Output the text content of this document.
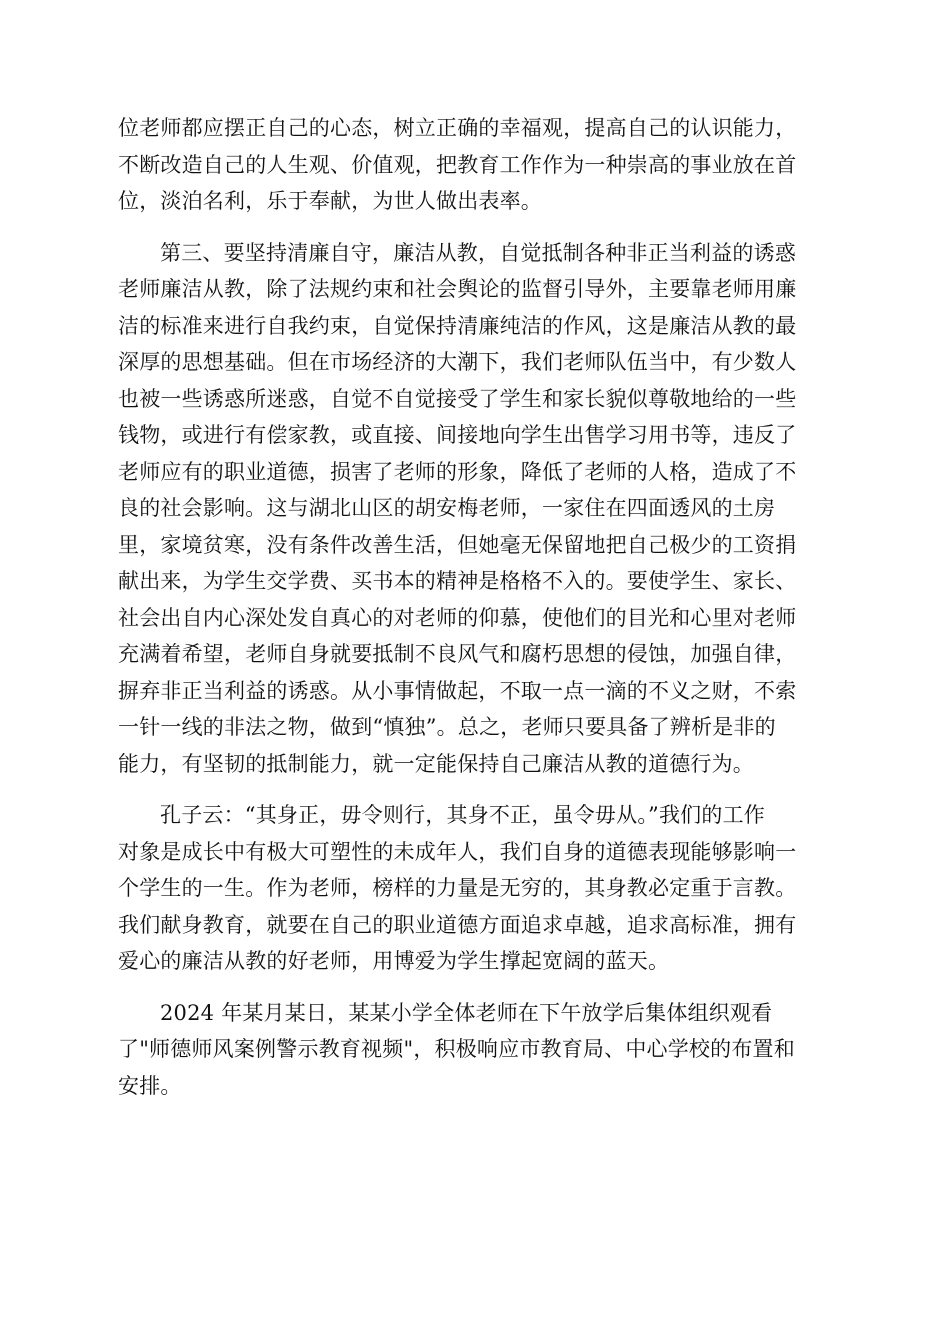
位老师都应摆正自己的心态，树立正确的幸福观，提高自己的认识能力，
不断改造自己的人生观、价值观，把教育工作作为一种崇高的事业放在首
位，淡泊名利，乐于奉献，为世人做出表率。
第三、要坚持清廉自守，廉洁从教，自觉抵制各种非正当利益的诱惑
老师廉洁从教，除了法规约束和社会舆论的监督引导外，主要靠老师用廉
洁的标准来进行自我约束，自觉保持清廉纯洁的作风，这是廉洁从教的最
深厚的思想基础。但在市场经济的大潮下，我们老师队伍当中，有少数人
也被一些诱惑所迷惑，自觉不自觉接受了学生和家长貌似尊敬地给的一些
钱物，或进行有偿家教，或直接、间接地向学生出售学习用书等，违反了
老师应有的职业道德，损害了老师的形象，降低了老师的人格，造成了不
良的社会影响。这与湖北山区的胡安梅老师，一家住在四面透风的土房
里，家境贫寒，没有条件改善生活，但她毫无保留地把自己极少的工资捐
献出来，为学生交学费、买书本的精神是格格不入的。要使学生、家长、
社会出自内心深处发自真心的对老师的仰慕，使他们的目光和心里对老师
充满着希望，老师自身就要抵制不良风气和腐朽思想的侵蚀，加强自律，
摒弃非正当利益的诱惑。从小事情做起，不取一点一滴的不义之财，不索
一针一线的非法之物，做到“慎独”。总之，老师只要具备了辨析是非的
能力，有坚韧的抵制能力，就一定能保持自己廉洁从教的道德行为。
孔子云：“其身正，毋令则行，其身不正，虽令毋从。”我们的工作
对象是成长中有极大可塑性的未成年人，我们自身的道德表现能够影响一
个学生的一生。作为老师，榜样的力量是无穷的，其身教必定重于言教。
我们献身教育，就要在自己的职业道德方面追求卓越，追求高标准，拥有
爱心的廉洁从教的好老师，用博爱为学生撑起宽阔的蓝天。
2024 年某月某日，某某小学全体老师在下午放学后集体组织观看
了"师德师风案例警示教育视频"，积极响应市教育局、中心学校的布置和
安排。
